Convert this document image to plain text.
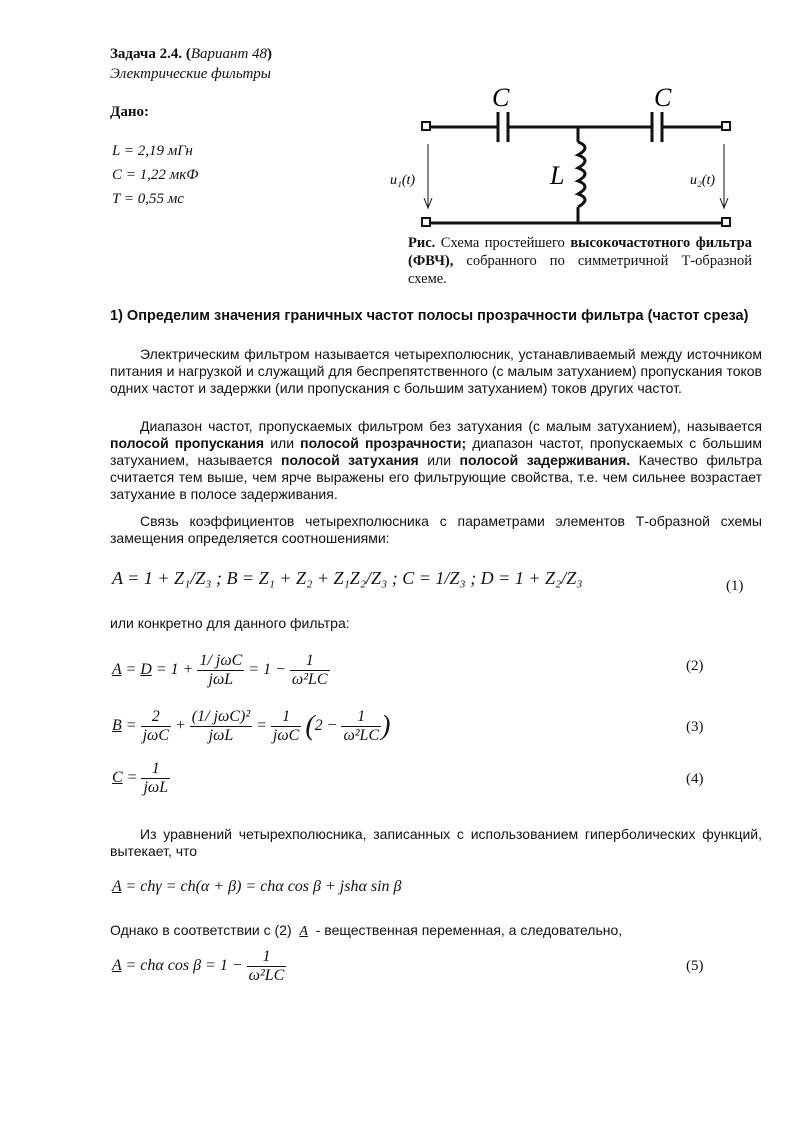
Задача 2.4. (Вариант 48)
Электрические фильтры
Дано:
L = 2,19 мГн
C = 1,22 мкФ
T = 0,55 мс
C	C
L
u₁(t)	u₂(t)
Рис. Схема простейшего высокочастотного фильтра (ФВЧ), собранного по симметричной Т-образной схеме.
1) Определим значения граничных частот полосы прозрачности фильтра (частот среза)
Электрическим фильтром называется четырехполюсник, устанавливаемый между источником питания и нагрузкой и служащий для беспрепятственного (с малым затуханием) пропускания токов одних частот и задержки (или пропускания с большим затуханием) токов других частот.
Диапазон частот, пропускаемых фильтром без затухания (с малым затуханием), называется полосой пропускания или полосой прозрачности; диапазон частот, пропускаемых с большим затуханием, называется полосой затухания или полосой задерживания. Качество фильтра считается тем выше, чем ярче выражены его фильтрующие свойства, т.е. чем сильнее возрастает затухание в полосе задерживания.
Связь коэффициентов четырехполюсника с параметрами элементов Т-образной схемы замещения определяется соотношениями:
A = 1 + Z₁/Z₃ ; B = Z₁ + Z₂ + Z₁Z₂/Z₃ ; C = 1/Z₃ ; D = 1 + Z₂/Z₃	(1)
или конкретно для данного фильтра:
$A = D = 1 + \frac{\text{1/ jωC}}{\text{jωL}} = 1 - \frac{1}{\text{ω²LC}}$	(2)
$B = \frac{2}{\text{jωC}} + \frac{\text{(1/ jωC)²}}{\text{jωL}} = \frac{1}{\text{jωC}} (2 - \frac{1}{\text{ω²LC}}$ )	(3)
$C = \frac{1}{\text{jωL}}$	(4)
Из уравнений четырехполюсника, записанных с использованием гиперболических функций, вытекает, что
A = chγ = ch(α + β) = chα cos β + jshα sin β
Однако в соответствии с (2) A - вещественная переменная, а следовательно,
A = chα $\cos \beta = 1 - \frac{1}{\text{ω²LC}}$	(5)
